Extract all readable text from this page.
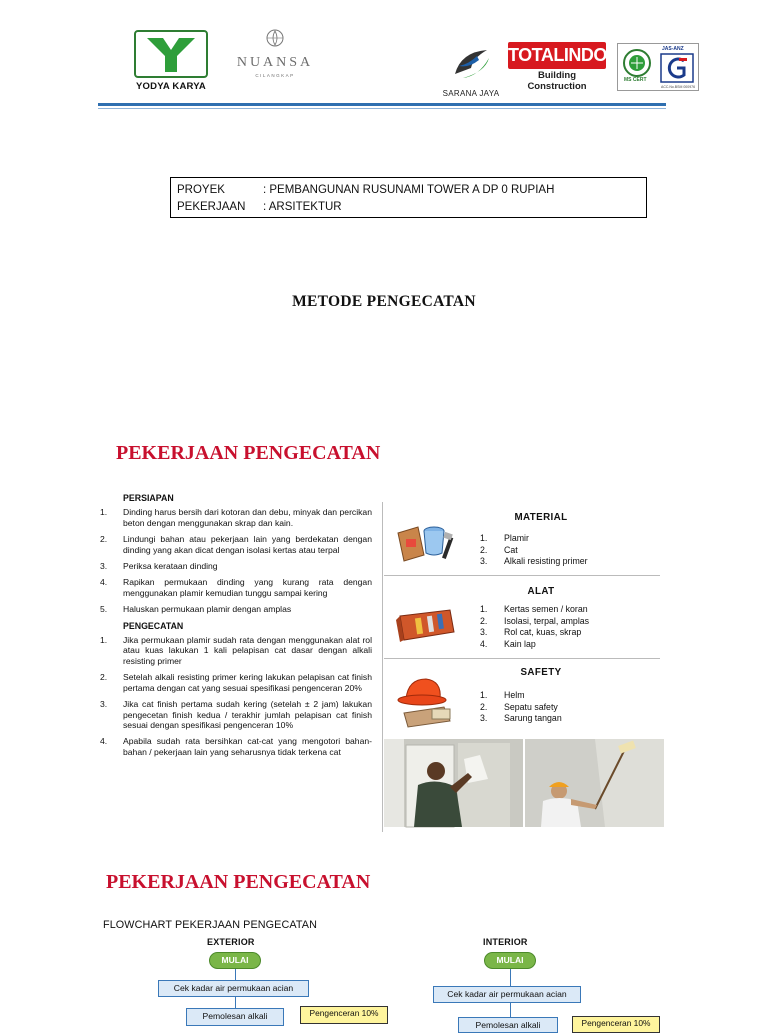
YODYA KARYA
NUANSA
CILANGKAP
SARANA JAYA
TOTALINDO
Building Construction
MS CERT
JAS-ANZ
ACC.No.BSM 000976
PROYEK	: PEMBANGUNAN RUSUNAMI TOWER A DP 0 RUPIAH
PEKERJAAN	: ARSITEKTUR
METODE PENGECATAN
PEKERJAAN PENGECATAN
PERSIAPAN
1.	Dinding harus bersih dari kotoran dan debu, minyak dan percikan beton dengan menggunakan skrap dan kain.
2.	Lindungi bahan atau pekerjaan lain yang berdekatan dengan dinding yang akan dicat dengan isolasi kertas atau terpal
3.	Periksa kerataan dinding
4.	Rapikan permukaan dinding yang kurang rata dengan menggunakan plamir kemudian tunggu sampai kering
5.	Haluskan permukaan plamir dengan amplas
PENGECATAN
1.	Jika permukaan plamir sudah rata dengan menggunakan alat rol atau kuas lakukan 1 kali pelapisan cat dasar dengan alkali resisting primer
2.	Setelah alkali resisting primer kering lakukan pelapisan cat finish pertama dengan cat yang sesuai spesifikasi pengenceran 20%
3.	Jika cat finish pertama sudah kering (setelah ± 2 jam) lakukan pengecetan finish kedua / terakhir jumlah pelapisan cat finish sesuai dengan spesifikasi pengenceran 10%
4.	Apabila sudah rata bersihkan cat-cat yang mengotori bahan-bahan / pekerjaan lain yang seharusnya tidak terkena cat
MATERIAL
1.	Plamir
2.	Cat
3.	Alkali resisting primer
ALAT
1.	Kertas semen / koran
2.	Isolasi, terpal, amplas
3.	Rol cat, kuas, skrap
4.	Kain lap
SAFETY
1.	Helm
2.	Sepatu safety
3.	Sarung tangan
PEKERJAAN PENGECATAN
FLOWCHART PEKERJAAN PENGECATAN
EXTERIOR
MULAI
Cek kadar air permukaan acian
Pemolesan alkali	Pengenceran 10%
INTERIOR
MULAI
Cek kadar air permukaan acian
Pemolesan alkali	Pengenceran 10%
